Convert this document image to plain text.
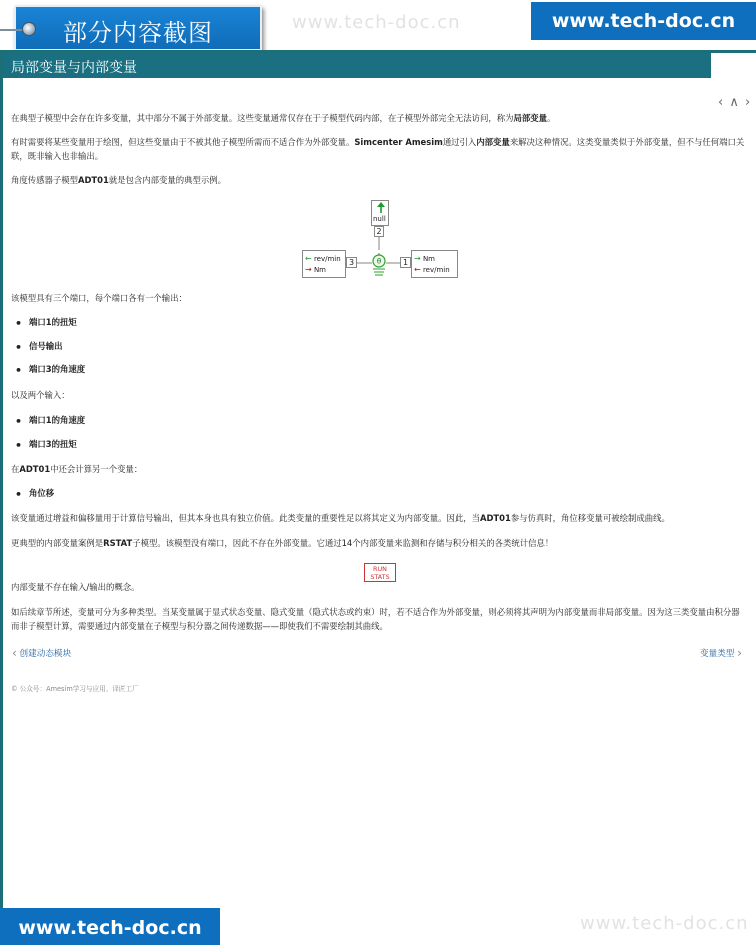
部分内容截图	www.tech-doc.cn	www.tech-doc.cn
局部变量与内部变量
‹ ∧ ›

在典型子模型中会存在许多变量，其中部分不属于外部变量。这些变量通常仅存在于子模型代码内部，在子模型外部完全无法访问，称为局部变量。

有时需要将某些变量用于绘图，但这些变量由于不被其他子模型所需而不适合作为外部变量。Simcenter Amesim通过引入内部变量来解决这种情况。这类变量类似于外部变量，但不与任何端口关联，既非输入也非输出。

角度传感器子模型ADT01就是包含内部变量的典型示例。

该模型具有三个端口，每个端口各有一个输出：

• 端口1的扭矩
• 信号输出
• 端口3的角速度

以及两个输入：

• 端口1的角速度
• 端口3的扭矩

在ADT01中还会计算另一个变量：

• 角位移

该变量通过增益和偏移量用于计算信号输出，但其本身也具有独立价值。此类变量的重要性足以将其定义为内部变量。因此，当ADT01参与仿真时，角位移变量可被绘制成曲线。

更典型的内部变量案例是RSTAT子模型。该模型没有端口，因此不存在外部变量。它通过14个内部变量来监测和存储与积分相关的各类统计信息！

内部变量不存在输入/输出的概念。

如后续章节所述，变量可分为多种类型。当某变量属于显式状态变量、隐式变量（隐式状态或约束）时，若不适合作为外部变量，则必须将其声明为内部变量而非局部变量。因为这三类变量由积分器而非子模型计算，需要通过内部变量在子模型与积分器之间传递数据——即使我们不需要绘制其曲线。

θ
null
2
← rev/min
→ Nm
3	→ Nm
← rev/min
1
RUN
STATS
‹ 创建动态模块	变量类型 ›
© 公众号：Amesim学习与应用、译匠工厂
www.tech-doc.cn	www.tech-doc.cn
